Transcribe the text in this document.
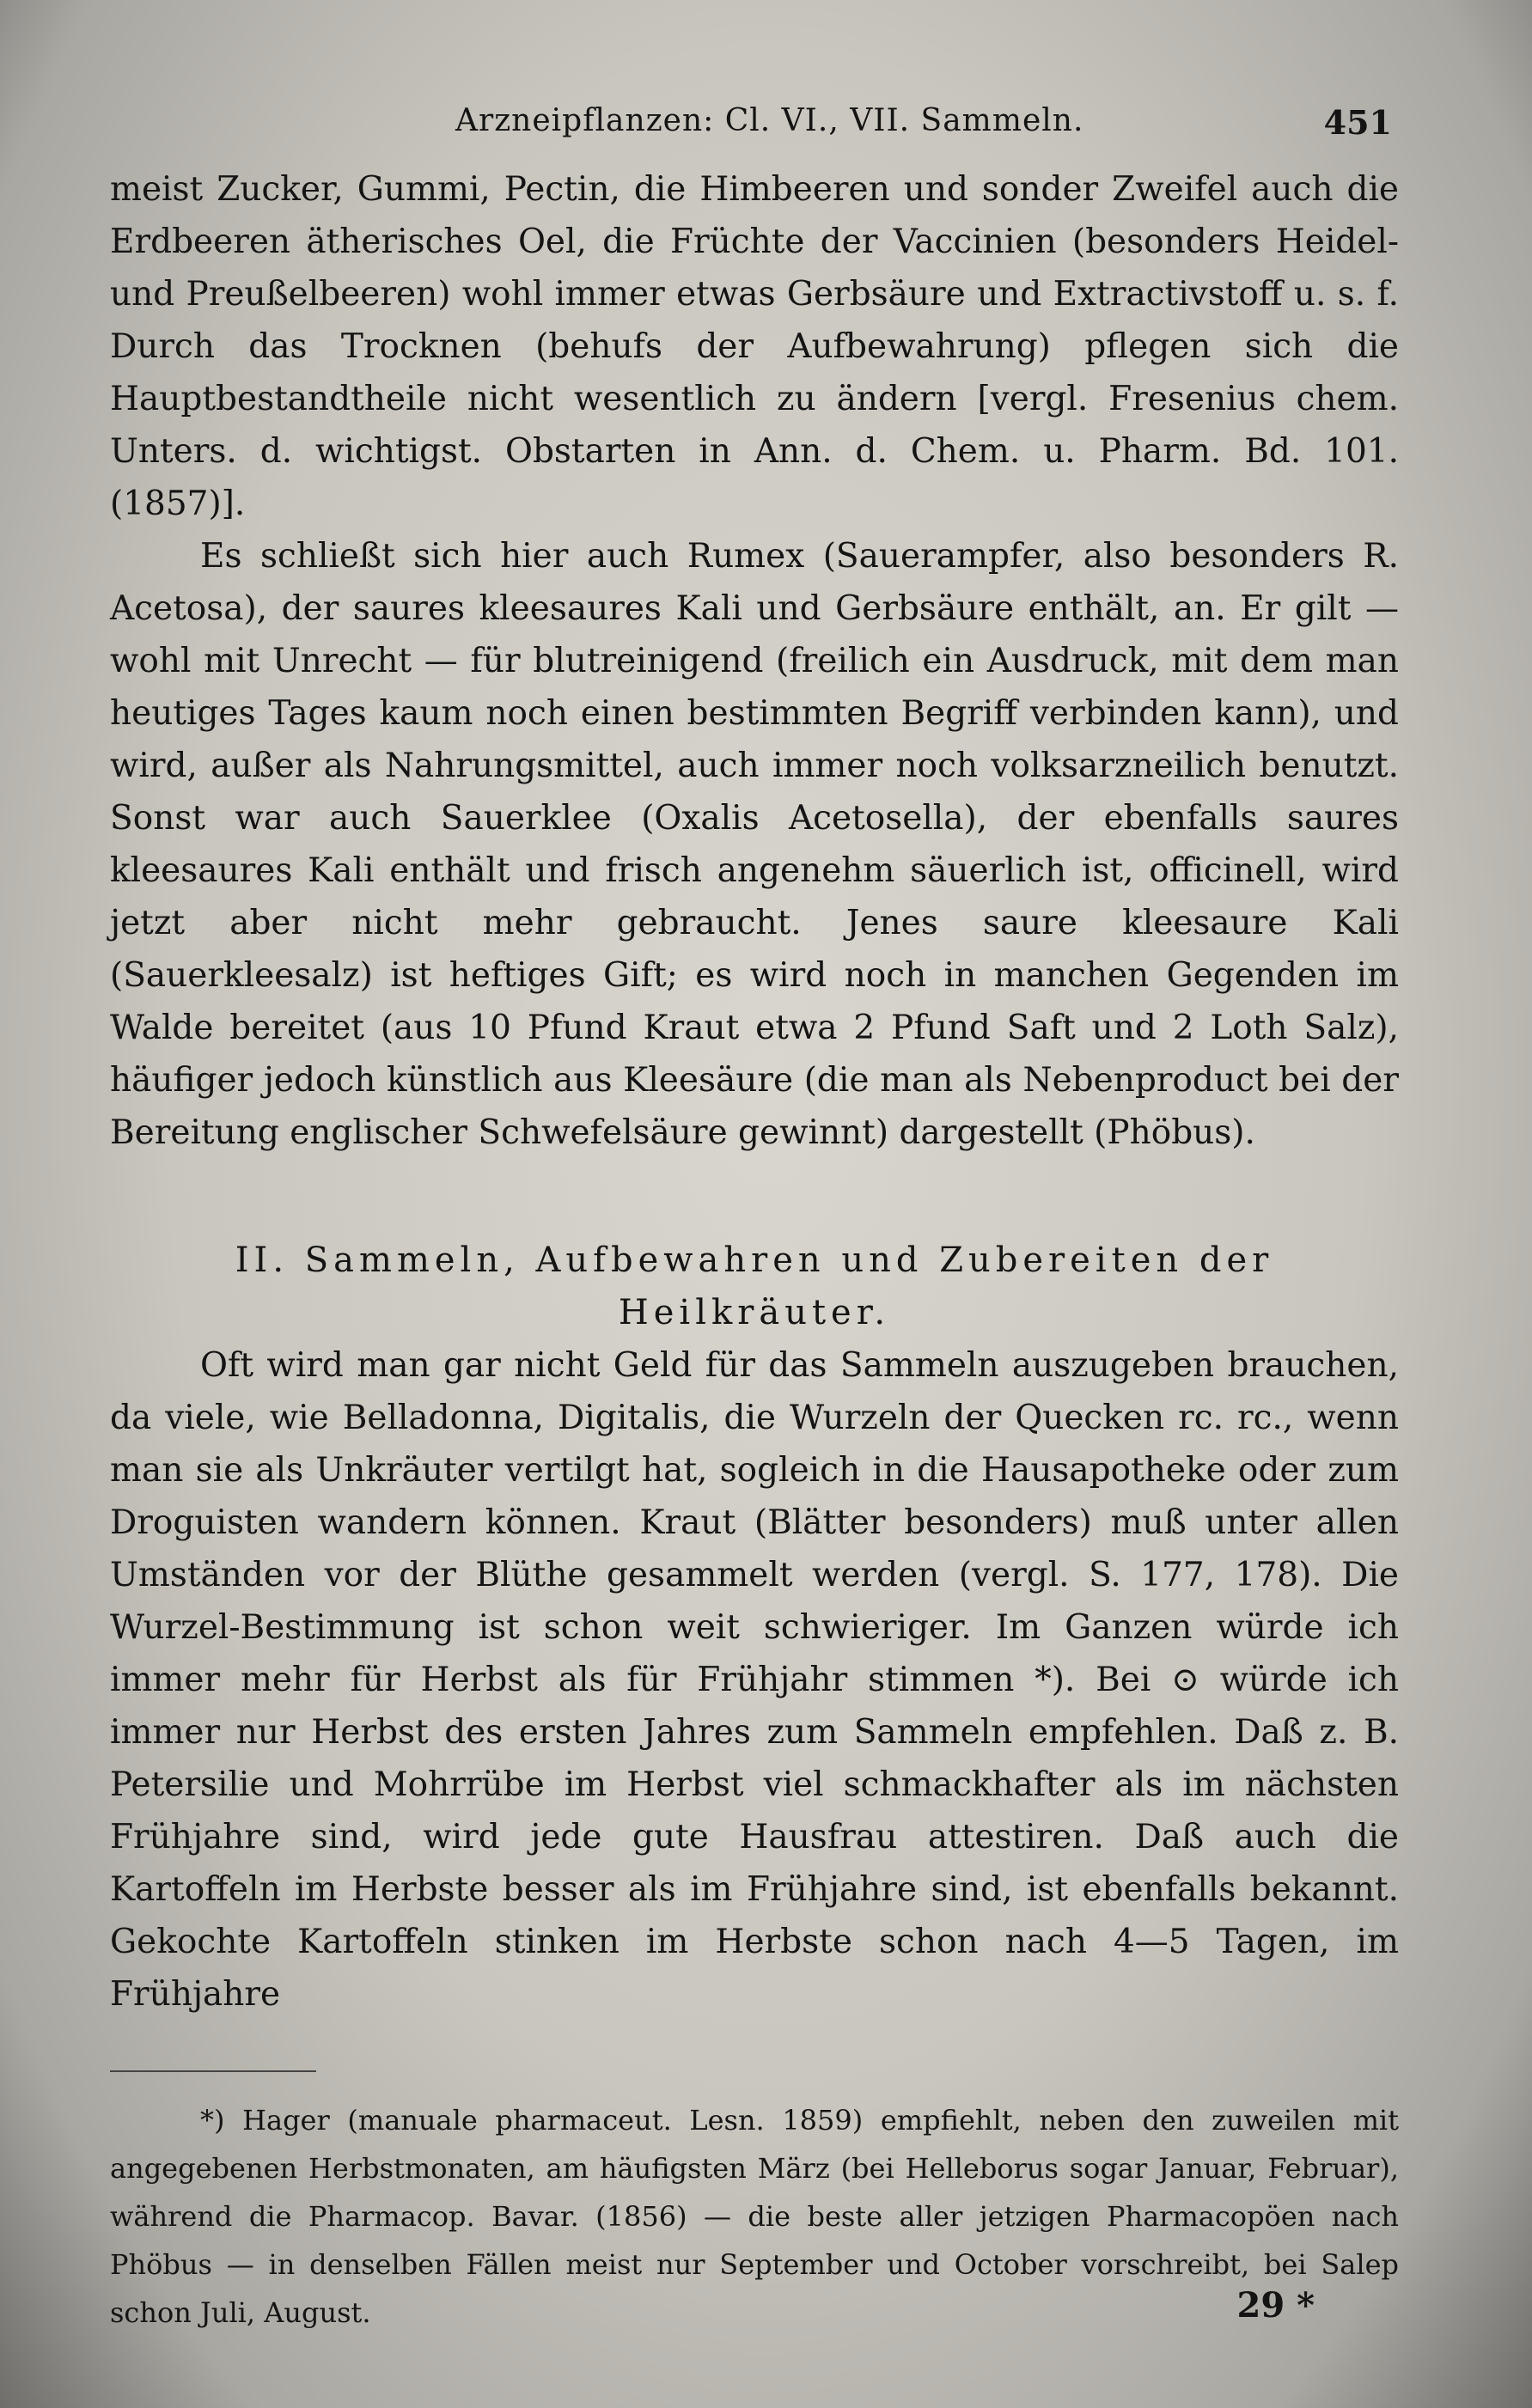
Arzneipflanzen: Cl. VI., VII. Sammeln.	451

meist Zucker, Gummi, Pectin, die Himbeeren und sonder Zweifel auch die Erdbeeren ätherisches Oel, die Früchte der Vaccinien (besonders Heidel- und Preußelbeeren) wohl immer etwas Gerbsäure und Extractivstoff u. s. f. Durch das Trocknen (behufs der Aufbewahrung) pflegen sich die Hauptbestandtheile nicht wesentlich zu ändern [vergl. Fresenius chem. Unters. d. wichtigst. Obstarten in Ann. d. Chem. u. Pharm. Bd. 101. (1857)].

Es schließt sich hier auch Rumex (Sauerampfer, also besonders R. Acetosa), der saures kleesaures Kali und Gerbsäure enthält, an. Er gilt — wohl mit Unrecht — für blutreinigend (freilich ein Ausdruck, mit dem man heutiges Tages kaum noch einen bestimmten Begriff verbinden kann), und wird, außer als Nahrungsmittel, auch immer noch volksarzneilich benutzt. Sonst war auch Sauerklee (Oxalis Acetosella), der ebenfalls saures kleesaures Kali enthält und frisch angenehm säuerlich ist, officinell, wird jetzt aber nicht mehr gebraucht. Jenes saure kleesaure Kali (Sauerkleesalz) ist heftiges Gift; es wird noch in manchen Gegenden im Walde bereitet (aus 10 Pfund Kraut etwa 2 Pfund Saft und 2 Loth Salz), häufiger jedoch künstlich aus Kleesäure (die man als Nebenproduct bei der Bereitung englischer Schwefelsäure gewinnt) dargestellt (Phöbus).

II. Sammeln, Aufbewahren und Zubereiten der Heilkräuter.

Oft wird man gar nicht Geld für das Sammeln auszugeben brauchen, da viele, wie Belladonna, Digitalis, die Wurzeln der Quecken rc. rc., wenn man sie als Unkräuter vertilgt hat, sogleich in die Hausapotheke oder zum Droguisten wandern können. Kraut (Blätter besonders) muß unter allen Umständen vor der Blüthe gesammelt werden (vergl. S. 177, 178). Die Wurzel-Bestimmung ist schon weit schwieriger. Im Ganzen würde ich immer mehr für Herbst als für Frühjahr stimmen *). Bei ⊙ würde ich immer nur Herbst des ersten Jahres zum Sammeln empfehlen. Daß z. B. Petersilie und Mohrrübe im Herbst viel schmackhafter als im nächsten Frühjahre sind, wird jede gute Hausfrau attestiren. Daß auch die Kartoffeln im Herbste besser als im Frühjahre sind, ist ebenfalls bekannt. Gekochte Kartoffeln stinken im Herbste schon nach 4—5 Tagen, im Frühjahre

*) Hager (manuale pharmaceut. Lesn. 1859) empfiehlt, neben den zuweilen mit angegebenen Herbstmonaten, am häufigsten März (bei Helleborus sogar Januar, Februar), während die Pharmacop. Bavar. (1856) — die beste aller jetzigen Pharmacopöen nach Phöbus — in denselben Fällen meist nur September und October vorschreibt, bei Salep schon Juli, August.	29 *
